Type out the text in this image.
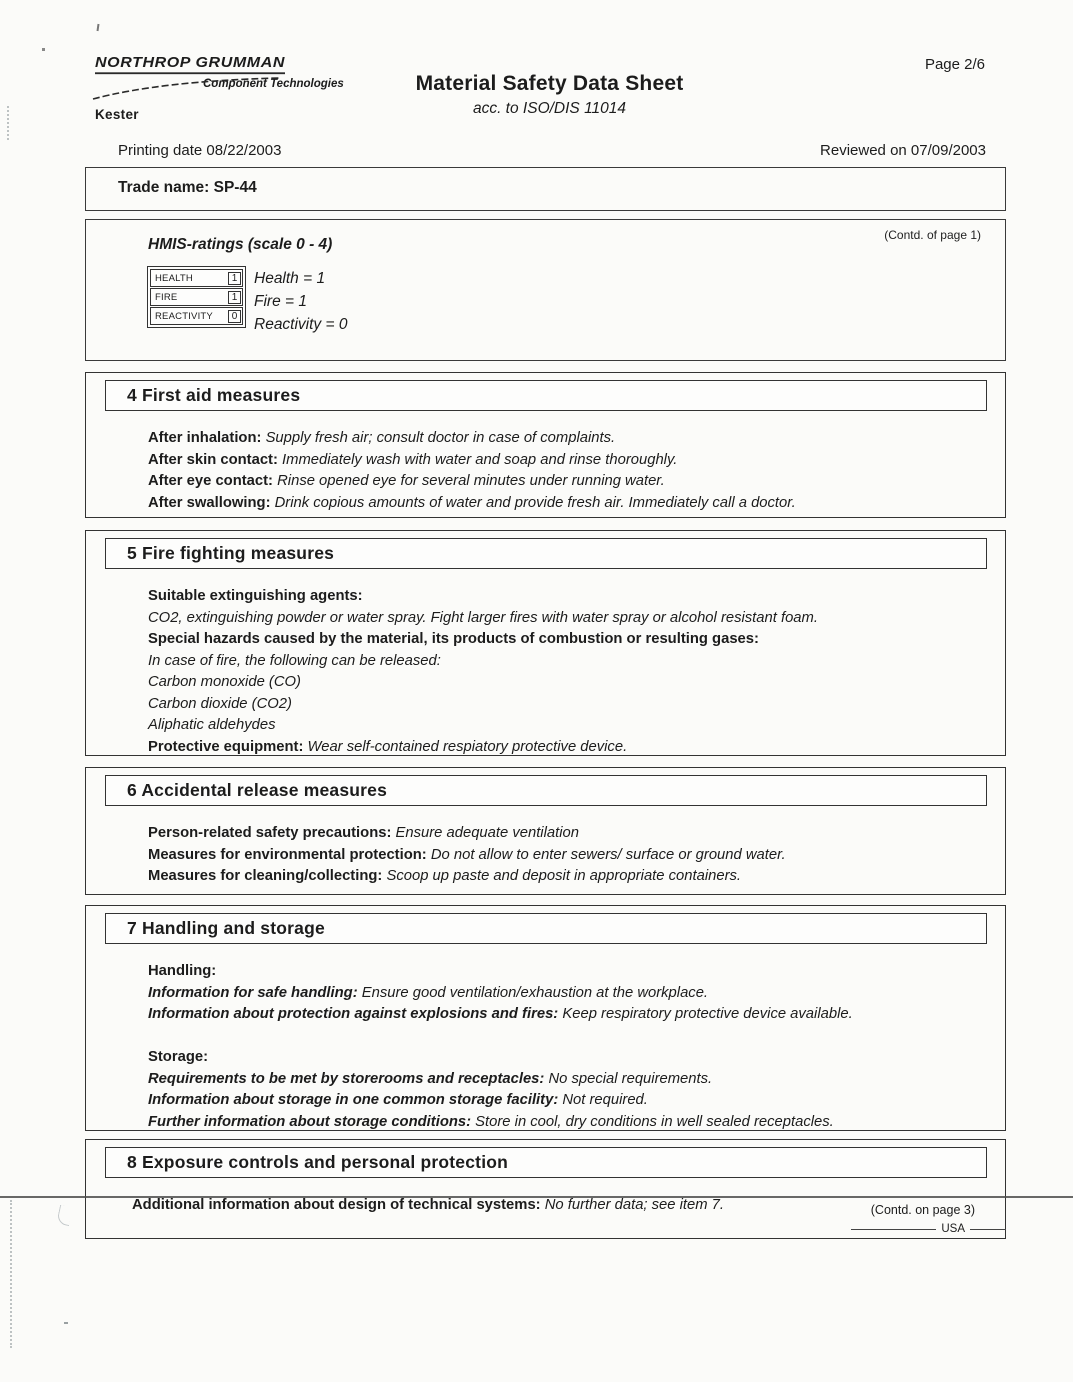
NORTHROP GRUMMAN
Component Technologies
Kester
Material Safety Data Sheet
acc. to ISO/DIS 11014
Page 2/6
Printing date 08/22/2003	Reviewed on 07/09/2003
Trade name: SP-44
(Contd. of page 1)
HMIS-ratings (scale 0 - 4)
HEALTH	1
FIRE	1
REACTIVITY	0
Health = 1
Fire = 1
Reactivity = 0
4 First aid measures
After inhalation: Supply fresh air; consult doctor in case of complaints.
After skin contact: Immediately wash with water and soap and rinse thoroughly.
After eye contact: Rinse opened eye for several minutes under running water.
After swallowing: Drink copious amounts of water and provide fresh air. Immediately call a doctor.
5 Fire fighting measures
Suitable extinguishing agents:
CO2, extinguishing powder or water spray. Fight larger fires with water spray or alcohol resistant foam.
Special hazards caused by the material, its products of combustion or resulting gases:
In case of fire, the following can be released:
Carbon monoxide (CO)
Carbon dioxide (CO2)
Aliphatic aldehydes
Protective equipment: Wear self-contained respiatory protective device.
6 Accidental release measures
Person-related safety precautions: Ensure adequate ventilation
Measures for environmental protection: Do not allow to enter sewers/ surface or ground water.
Measures for cleaning/collecting: Scoop up paste and deposit in appropriate containers.
7 Handling and storage
Handling:
Information for safe handling: Ensure good ventilation/exhaustion at the workplace.
Information about protection against explosions and fires: Keep respiratory protective device available.
Storage:
Requirements to be met by storerooms and receptacles: No special requirements.
Information about storage in one common storage facility: Not required.
Further information about storage conditions: Store in cool, dry conditions in well sealed receptacles.
8 Exposure controls and personal protection
Additional information about design of technical systems: No further data; see item 7.	(Contd. on page 3)
USA
